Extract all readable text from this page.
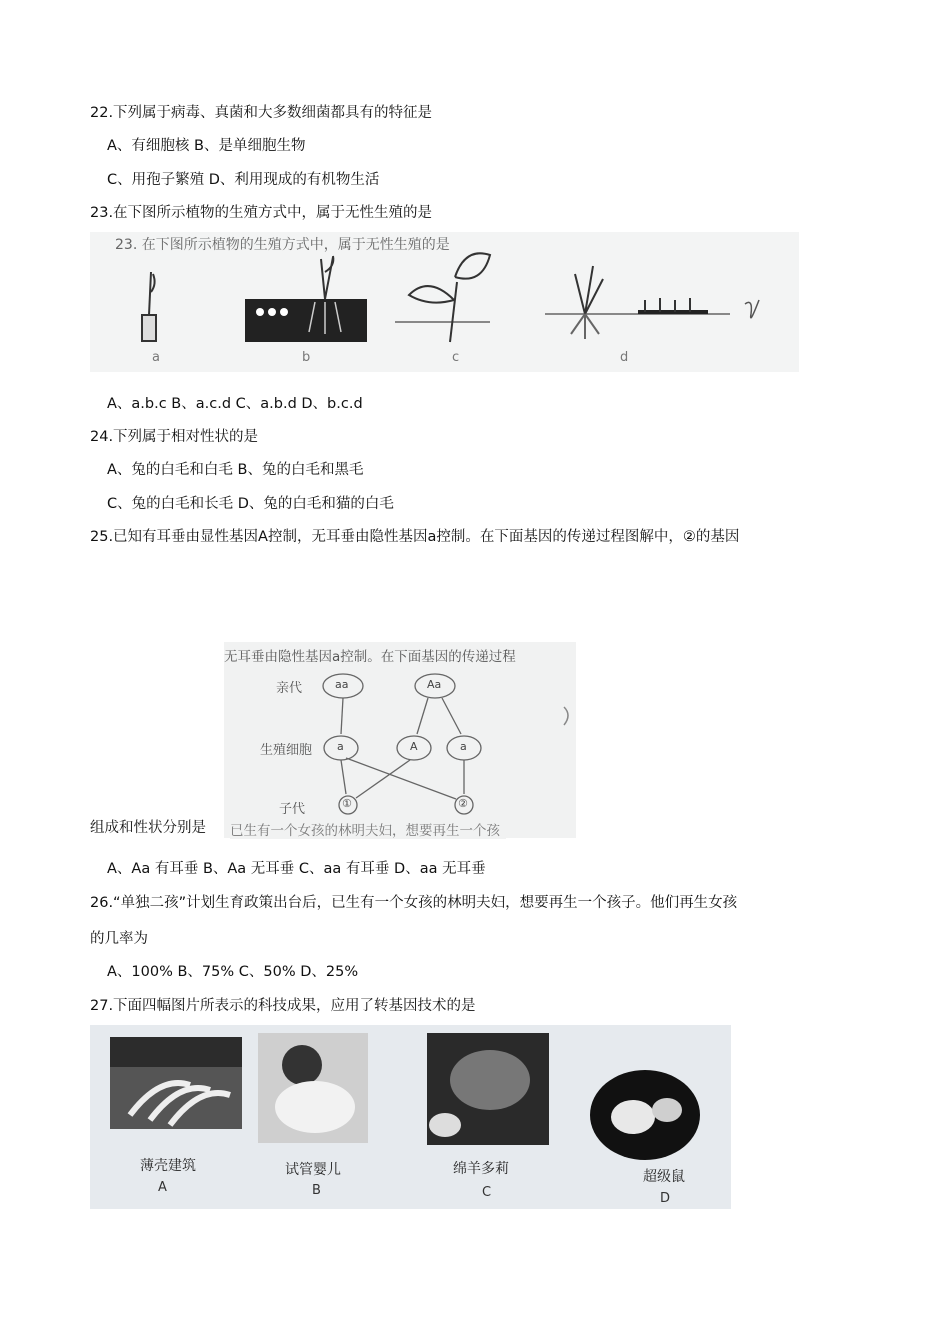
22.下列属于病毒、真菌和大多数细菌都具有的特征是
A、有细胞核 B、是单细胞生物
C、用孢子繁殖 D、利用现成的有机物生活
23.在下图所示植物的生殖方式中，属于无性生殖的是
23. 在下图所示植物的生殖方式中，属于无性生殖的是
a	b	c	d
A、a.b.c B、a.c.d C、a.b.d D、b.c.d
24.下列属于相对性状的是
A、兔的白毛和白毛 B、兔的白毛和黑毛
C、兔的白毛和长毛 D、兔的白毛和猫的白毛
25.已知有耳垂由显性基因A控制，无耳垂由隐性基因a控制。在下面基因的传递过程图解中，②的基因
无耳垂由隐性基因a控制。在下面基因的传递过程
亲代
生殖细胞
子代
aa	Aa
a	A	a
①	②
组成和性状分别是 已生有一个女孩的林明夫妇，想要再生一个孩
A、Aa 有耳垂 B、Aa 无耳垂 C、aa 有耳垂 D、aa 无耳垂
26.“单独二孩”计划生育政策出台后，已生有一个女孩的林明夫妇，想要再生一个孩子。他们再生女孩
的几率为
A、100% B、75% C、50% D、25%
27.下面四幅图片所表示的科技成果，应用了转基因技术的是
薄壳建筑	试管婴儿	绵羊多莉	超级鼠
A	B	C	D
